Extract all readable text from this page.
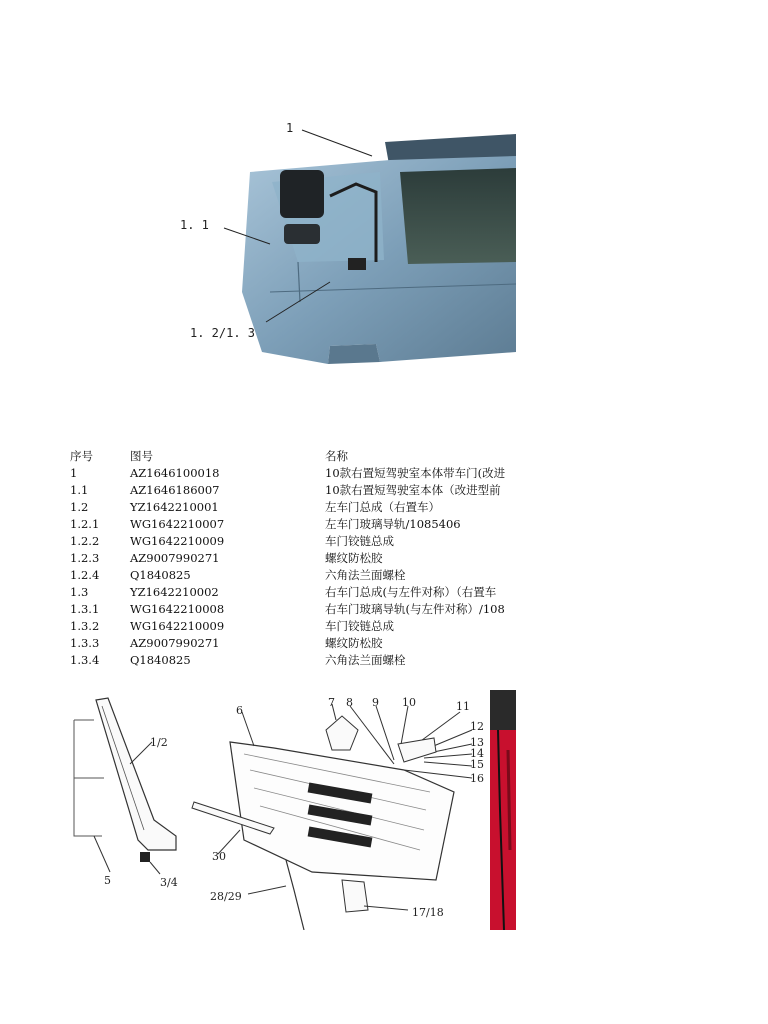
1
1. 1
1. 2/1. 3
序号	图号	名称
1	AZ1646100018	10款右置短驾驶室本体带车门(改进
1.1	AZ1646186007	10款右置短驾驶室本体（改进型前
1.2	YZ1642210001	左车门总成（右置车）
1.2.1	WG1642210007	左车门玻璃导轨/1085406
1.2.2	WG1642210009	车门铰链总成
1.2.3	AZ9007990271	螺纹防松胶
1.2.4	Q1840825	六角法兰面螺栓
1.3	YZ1642210002	右车门总成(与左件对称）（右置车
1.3.1	WG1642210008	右车门玻璃导轨(与左件对称）/108
1.3.2	WG1642210009	车门铰链总成
1.3.3	AZ9007990271	螺纹防松胶
1.3.4	Q1840825	六角法兰面螺栓
1/2
5	3/4
6
7 8 9 10	11
12
13
14
15
16
30
28/29
17/18
